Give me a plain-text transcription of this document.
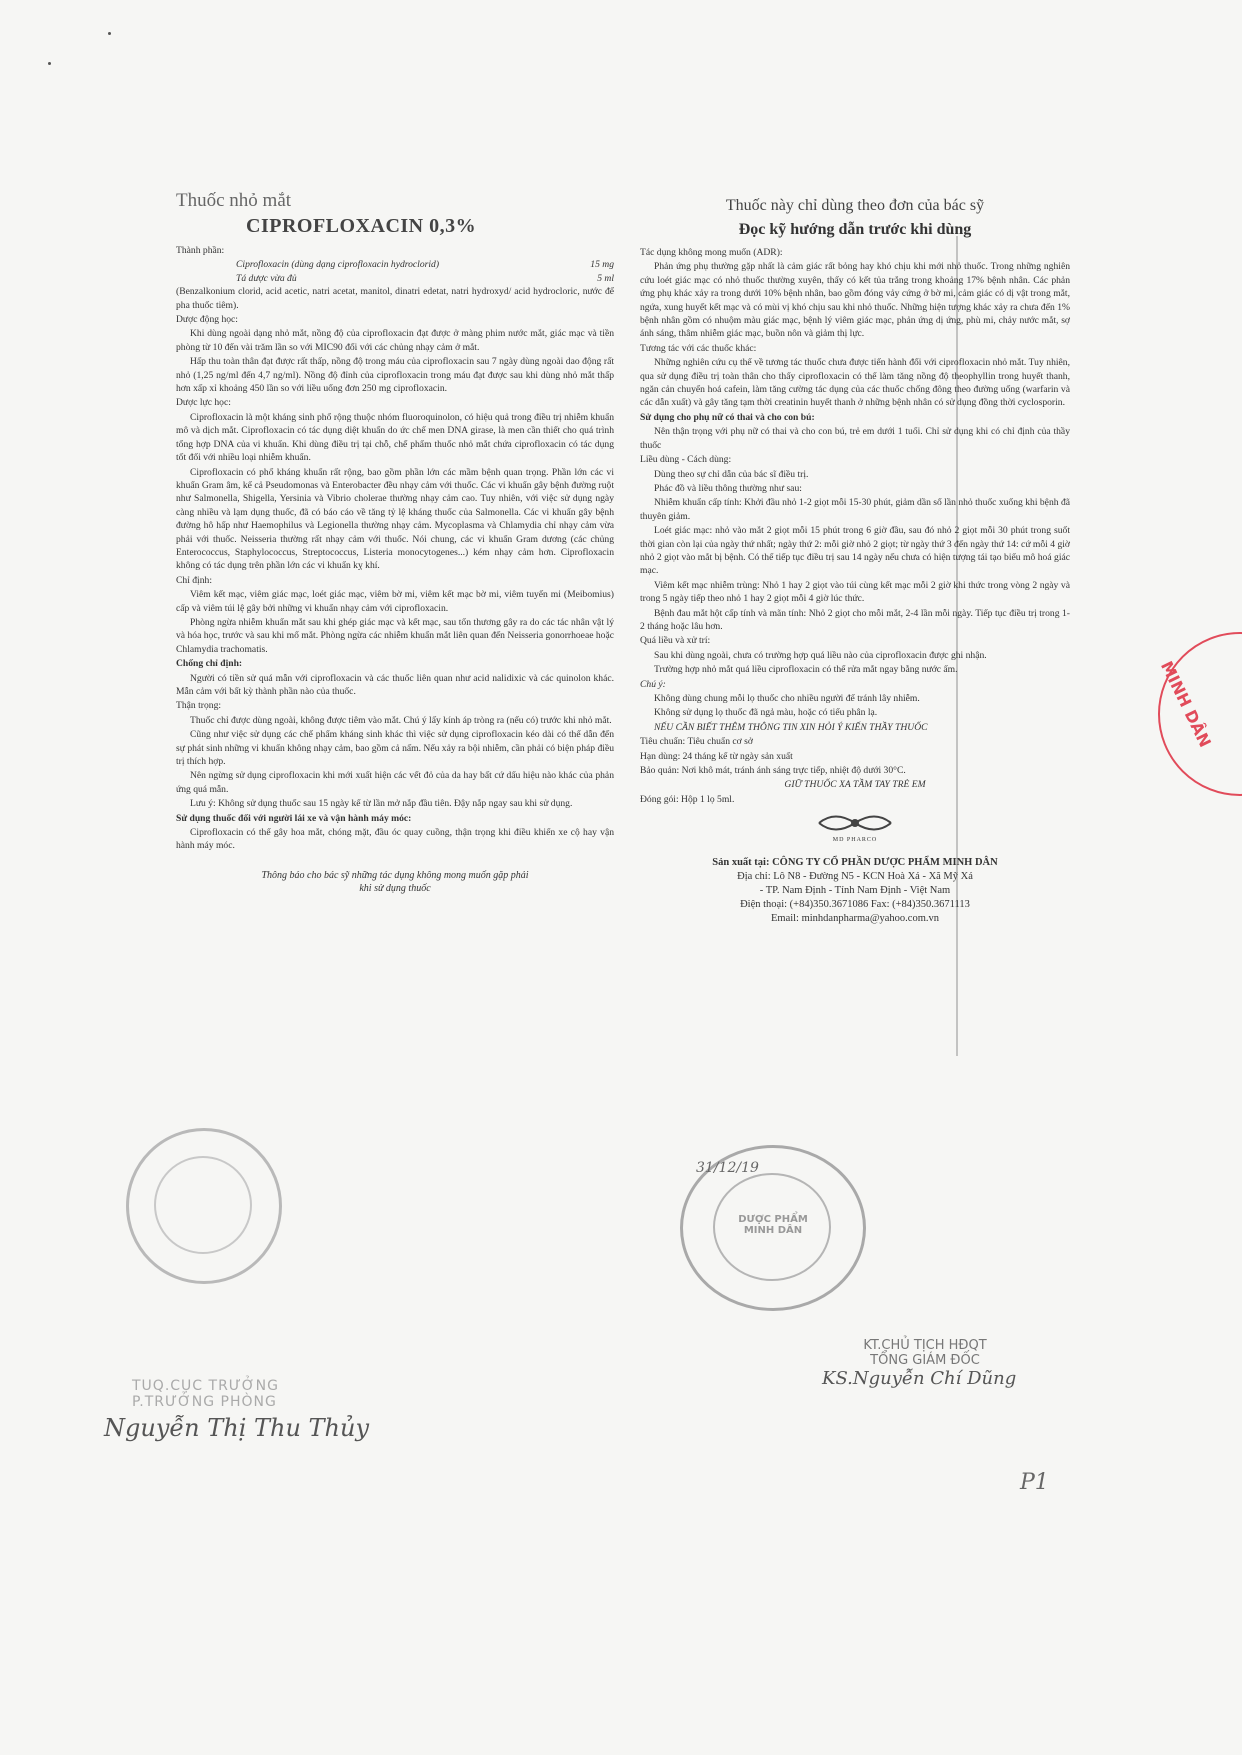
Thuốc nhỏ mắt
CIPROFLOXACIN 0,3%

Thành phần:

15 mg
Ciprofloxacin (dùng dạng ciprofloxacin hydroclorid)
5 ml
Tá dược vừa đủ

(Benzalkonium clorid, acid acetic, natri acetat, manitol, dinatri edetat, natri hydroxyd/ acid hydrocloric, nước để pha thuốc tiêm).

Dược động học:

Khi dùng ngoài dạng nhỏ mắt, nồng độ của ciprofloxacin đạt được ở màng phim nước mắt, giác mạc và tiền phòng từ 10 đến vài trăm lần so với MIC90 đối với các chủng nhạy cảm ở mắt.

Hấp thu toàn thân đạt được rất thấp, nồng độ trong máu của ciprofloxacin sau 7 ngày dùng ngoài dao động rất nhỏ (1,25 ng/ml đến 4,7 ng/ml). Nồng độ đỉnh của ciprofloxacin trong máu đạt được sau khi dùng nhỏ mắt thấp hơn xấp xỉ khoảng 450 lần so với liều uống đơn 250 mg ciprofloxacin.

Dược lực học:

Ciprofloxacin là một kháng sinh phổ rộng thuộc nhóm fluoroquinolon, có hiệu quả trong điều trị nhiễm khuẩn mô và dịch mắt. Ciprofloxacin có tác dụng diệt khuẩn do ức chế men DNA girase, là men cần thiết cho quá trình tổng hợp DNA của vi khuẩn. Khi dùng điều trị tại chỗ, chế phẩm thuốc nhỏ mắt chứa ciprofloxacin có tác dụng tốt đối với nhiều loại nhiễm khuẩn.

Ciprofloxacin có phổ kháng khuẩn rất rộng, bao gồm phần lớn các mầm bệnh quan trọng. Phần lớn các vi khuẩn Gram âm, kể cả Pseudomonas và Enterobacter đều nhạy cảm với thuốc. Các vi khuẩn gây bệnh đường ruột như Salmonella, Shigella, Yersinia và Vibrio cholerae thường nhạy cảm cao. Tuy nhiên, với việc sử dụng ngày càng nhiều và lạm dụng thuốc, đã có báo cáo về tăng tỷ lệ kháng thuốc của Salmonella. Các vi khuẩn gây bệnh đường hô hấp như Haemophilus và Legionella thường nhạy cảm. Mycoplasma và Chlamydia chỉ nhạy cảm vừa phải với thuốc. Neisseria thường rất nhạy cảm với thuốc. Nói chung, các vi khuẩn Gram dương (các chủng Enterococcus, Staphylococcus, Streptococcus, Listeria monocytogenes...) kém nhạy cảm hơn. Ciprofloxacin không có tác dụng trên phần lớn các vi khuẩn kỵ khí.

Chỉ định:

Viêm kết mạc, viêm giác mạc, loét giác mạc, viêm bờ mi, viêm kết mạc bờ mi, viêm tuyến mi (Meibomius) cấp và viêm túi lệ gây bởi những vi khuẩn nhạy cảm với ciprofloxacin.

Phòng ngừa nhiễm khuẩn mắt sau khi ghép giác mạc và kết mạc, sau tổn thương gây ra do các tác nhân vật lý và hóa học, trước và sau khi mổ mắt. Phòng ngừa các nhiễm khuẩn mắt liên quan đến Neisseria gonorrhoeae hoặc Chlamydia trachomatis.

Chống chỉ định:

Người có tiền sử quá mẫn với ciprofloxacin và các thuốc liên quan như acid nalidixic và các quinolon khác. Mẫn cảm với bất kỳ thành phần nào của thuốc.

Thận trọng:

Thuốc chỉ được dùng ngoài, không được tiêm vào mắt. Chú ý lấy kính áp tròng ra (nếu có) trước khi nhỏ mắt.

Cũng như việc sử dụng các chế phẩm kháng sinh khác thì việc sử dụng ciprofloxacin kéo dài có thể dẫn đến sự phát sinh những vi khuẩn không nhạy cảm, bao gồm cả nấm. Nếu xảy ra bội nhiễm, cần phải có biện pháp điều trị thích hợp.

Nên ngừng sử dụng ciprofloxacin khi mới xuất hiện các vết đỏ của da hay bất cứ dấu hiệu nào khác của phản ứng quá mẫn.

Lưu ý: Không sử dụng thuốc sau 15 ngày kể từ lần mở nắp đầu tiên. Đậy nắp ngay sau khi sử dụng.

Sử dụng thuốc đối với người lái xe và vận hành máy móc:

Ciprofloxacin có thể gây hoa mắt, chóng mặt, đầu óc quay cuồng, thận trọng khi điều khiển xe cộ hay vận hành máy móc.

Thông báo cho bác sỹ những tác dụng không mong muốn gặp phải
khi sử dụng thuốc
Thuốc này chỉ dùng theo đơn của bác sỹ
Đọc kỹ hướng dẫn trước khi dùng

Tác dụng không mong muốn (ADR):

Phản ứng phụ thường gặp nhất là cảm giác rất bỏng hay khó chịu khi mới nhỏ thuốc. Trong những nghiên cứu loét giác mạc có nhỏ thuốc thường xuyên, thấy có kết tủa trắng trong khoảng 17% bệnh nhân. Các phản ứng phụ khác xảy ra trong dưới 10% bệnh nhân, bao gồm đóng vảy cứng ở bờ mi, cảm giác có dị vật trong mắt, ngứa, xung huyết kết mạc và có mùi vị khó chịu sau khi nhỏ thuốc. Những hiện tượng khác xảy ra chưa đến 1% bệnh nhân gồm có nhuộm màu giác mạc, bệnh lý viêm giác mạc, phản ứng dị ứng, phù mi, chảy nước mắt, sợ ánh sáng, thâm nhiễm giác mạc, buồn nôn và giảm thị lực.

Tương tác với các thuốc khác:

Những nghiên cứu cụ thể về tương tác thuốc chưa được tiến hành đối với ciprofloxacin nhỏ mắt. Tuy nhiên, qua sử dụng điều trị toàn thân cho thấy ciprofloxacin có thể làm tăng nồng độ theophyllin trong huyết thanh, ngăn cản chuyển hoá cafein, làm tăng cường tác dụng của các thuốc chống đông theo đường uống (warfarin và các dẫn xuất) và gây tăng tạm thời creatinin huyết thanh ở những bệnh nhân có sử dụng đồng thời cyclosporin.

Sử dụng cho phụ nữ có thai và cho con bú:

Nên thận trọng với phụ nữ có thai và cho con bú, trẻ em dưới 1 tuổi. Chỉ sử dụng khi có chỉ định của thầy thuốc

Liều dùng - Cách dùng:

Dùng theo sự chỉ dẫn của bác sĩ điều trị.

Phác đồ và liều thông thường như sau:

Nhiễm khuẩn cấp tính: Khởi đầu nhỏ 1-2 giọt mỗi 15-30 phút, giảm dần số lần nhỏ thuốc xuống khi bệnh đã thuyên giảm.

Loét giác mạc: nhỏ vào mắt 2 giọt mỗi 15 phút trong 6 giờ đầu, sau đó nhỏ 2 giọt mỗi 30 phút trong suốt thời gian còn lại của ngày thứ nhất; ngày thứ 2: mỗi giờ nhỏ 2 giọt; từ ngày thứ 3 đến ngày thứ 14: cứ mỗi 4 giờ nhỏ 2 giọt vào mắt bị bệnh. Có thể tiếp tục điều trị sau 14 ngày nếu chưa có hiện tượng tái tạo biểu mô hoá giác mạc.

Viêm kết mạc nhiễm trùng: Nhỏ 1 hay 2 giọt vào túi cùng kết mạc mỗi 2 giờ khi thức trong vòng 2 ngày và trong 5 ngày tiếp theo nhỏ 1 hay 2 giọt mỗi 4 giờ lúc thức.

Bệnh đau mắt hột cấp tính và mãn tính: Nhỏ 2 giọt cho mỗi mắt, 2-4 lần mỗi ngày. Tiếp tục điều trị trong 1-2 tháng hoặc lâu hơn.

Quá liều và xử trí:

Sau khi dùng ngoài, chưa có trường hợp quá liều nào của ciprofloxacin được ghi nhận.

Trường hợp nhỏ mắt quá liều ciprofloxacin có thể rửa mắt ngay bằng nước ấm.

Chú ý:

Không dùng chung mỗi lọ thuốc cho nhiều người để tránh lây nhiễm.

Không sử dụng lọ thuốc đã ngả màu, hoặc có tiểu phân lạ.

NẾU CẦN BIẾT THÊM THÔNG TIN XIN HỎI Ý KIẾN THẦY THUỐC

Tiêu chuẩn: Tiêu chuẩn cơ sở

Hạn dùng: 24 tháng kể từ ngày sản xuất

Bảo quản: Nơi khô mát, tránh ánh sáng trực tiếp, nhiệt độ dưới 30°C.

GIỮ THUỐC XA TẦM TAY TRẺ EM

Đóng gói: Hộp 1 lọ 5ml.

MD PHARCO
Sản xuất tại: CÔNG TY CỔ PHẦN DƯỢC PHẨM MINH DÂN
Địa chỉ: Lô N8 - Đường N5 - KCN Hoà Xá - Xã Mỹ Xá
- TP. Nam Định - Tỉnh Nam Định - Việt Nam
Điện thoại: (+84)350.3671086 Fax: (+84)350.3671113
Email: minhdanpharma@yahoo.com.vn
DƯỢC PHẨM MINH DÂN
MINH DÂN
31/12/19
TUQ.CỤC TRƯỞNG
P.TRƯỞNG PHÒNG
Nguyễn Thị Thu Thủy
KT.CHỦ TỊCH HĐQT
TỔNG GIÁM ĐỐC
KS.Nguyễn Chí Dũng
P1
